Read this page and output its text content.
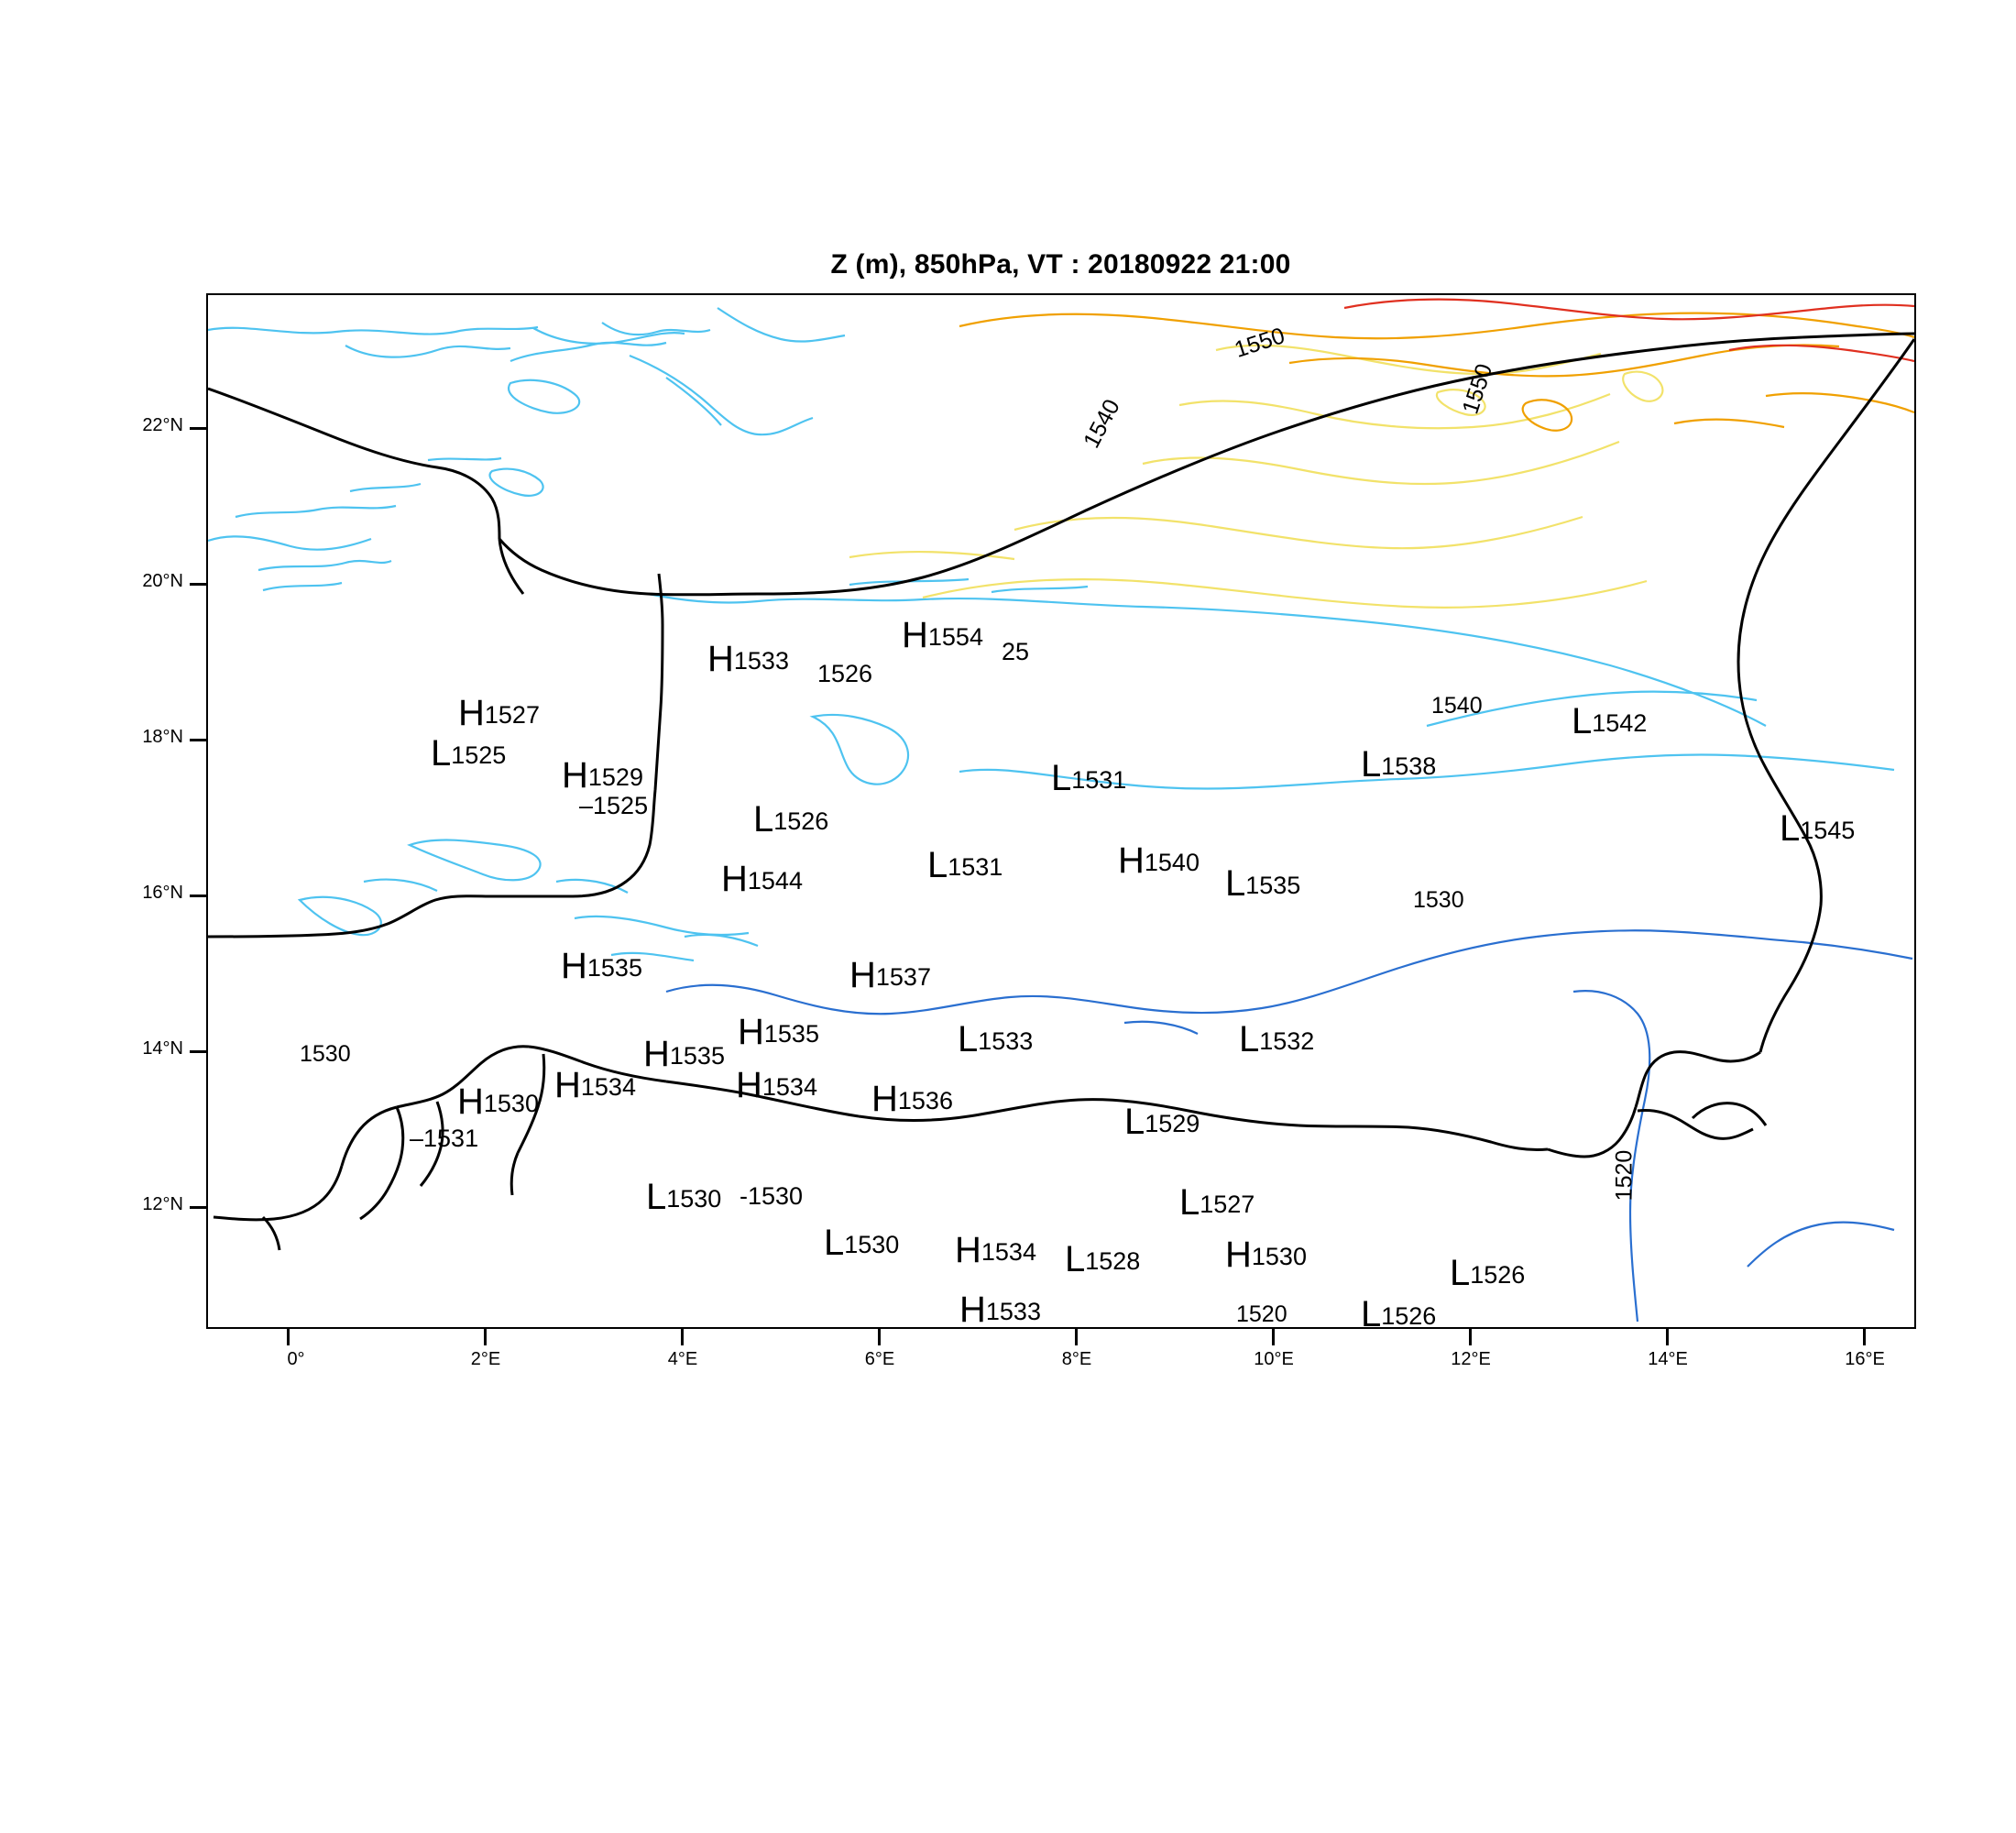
Z (m), 850hPa, VT : 20180922 21:00
1550
1550
1540
1540
1530
1530
1520
1520
H1554
25
H1533 1526
H1527
L1525 H1529
–1525	L1526
L1531	L1538
L1542
L1545
L1531	H1540
L1535
H1544
H1535	H1537
H1535
H1535	L1533	L1532
H1534	H1534
H1530	H1536
–1531	L1529
L1527
L1530 -1530
L1530 H1534 L1528 H1530	L1526
L1526
H1533
12°N
14°N
16°N
18°N
20°N
22°N
0°	2°E	4°E	6°E	8°E	10°E	12°E	14°E	16°E
